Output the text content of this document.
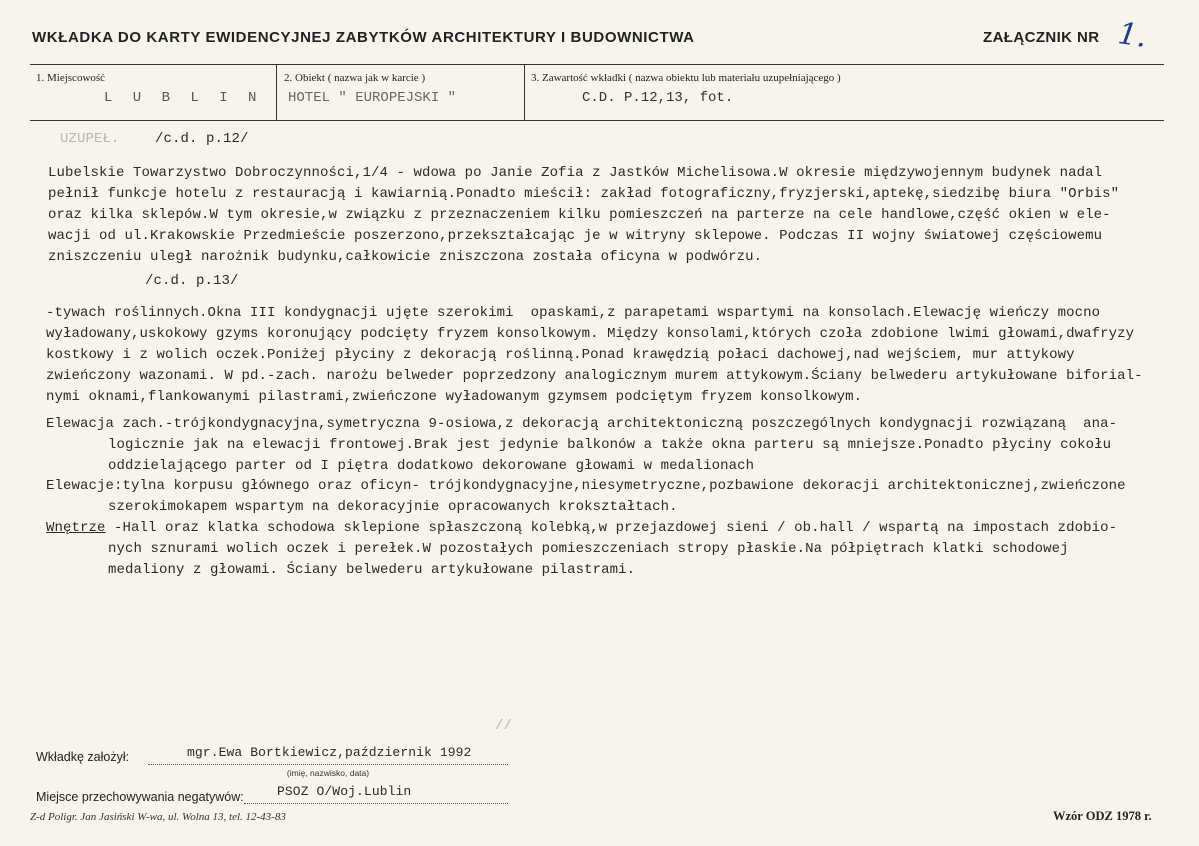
WKŁADKA DO KARTY EWIDENCYJNEJ ZABYTKÓW ARCHITEKTURY I BUDOWNICTWA	ZAŁĄCZNIK NR 1.
1. Miejscowość
L U B L I N
2. Obiekt ( nazwa jak w karcie )
HOTEL " EUROPEJSKI "
3. Zawartość wkładki ( nazwa obiektu lub materiału uzupełniającego )
C.D. P.12,13, fot.
UZUPEŁ.	/c.d. p.12/
Lubelskie Towarzystwo Dobroczynności,1/4 - wdowa po Janie Zofia z Jastków Michelisowa.W okresie międzywojennym budynek nadal
pełnił funkcje hotelu z restauracją i kawiarnią.Ponadto mieścił: zakład fotograficzny,fryzjerski,aptekę,siedzibę biura "Orbis"
oraz kilka sklepów.W tym okresie,w związku z przeznaczeniem kilku pomieszczeń na parterze na cele handlowe,część okien w ele-
wacji od ul.Krakowskie Przedmieście poszerzono,przekształcając je w witryny sklepowe. Podczas II wojny światowej częściowemu
zniszczeniu uległ narożnik budynku,całkowicie zniszczona została oficyna w podwórzu.
/c.d. p.13/
-tywach roślinnych.Okna III kondygnacji ujęte szerokimi  opaskami,z parapetami wspartymi na konsolach.Elewację wieńczy mocno
wyładowany,uskokowy gzyms koronujący podcięty fryzem konsolkowym. Między konsolami,których czoła zdobione lwimi głowami,dwafryzy
kostkowy i z wolich oczek.Poniżej płyciny z dekoracją roślinną.Ponad krawędzią połaci dachowej,nad wejściem, mur attykowy
zwieńczony wazonami. W pd.-zach. narożu belweder poprzedzony analogicznym murem attykowym.Ściany belwederu artykułowane biforial-
nymi oknami,flankowanymi pilastrami,zwieńczone wyładowanym gzymsem podciętym fryzem konsolkowym.
Elewacja zach.-trójkondygnacyjna,symetryczna 9-osiowa,z dekoracją architektoniczną poszczególnych kondygnacji rozwiązaną  ana-
logicznie jak na elewacji frontowej.Brak jest jedynie balkonów a także okna parteru są mniejsze.Ponadto płyciny cokołu
oddzielającego parter od I piętra dodatkowo dekorowane głowami w medalionach
Elewacje:tylna korpusu głównego oraz oficyn- trójkondygnacyjne,niesymetryczne,pozbawione dekoracji architektonicznej,zwieńczone
szerokimokapem wspartym na dekoracyjnie opracowanych krokształtach.
Wnętrze -Hall oraz klatka schodowa sklepione spłaszczoną kolebką,w przejazdowej sieni / ob.hall / wspartą na impostach zdobio-
nych sznurami wolich oczek i perełek.W pozostałych pomieszczeniach stropy płaskie.Na półpiętrach klatki schodowej
medaliony z głowami. Ściany belwederu artykułowane pilastrami.
//
Wkładkę założył:	mgr.Ewa Bortkiewicz,październik 1992
(imię, nazwisko, data)
Miejsce przechowywania negatywów:	PSOZ O/Woj.Lublin
Z-d Poligr. Jan Jasiński W-wa, ul. Wolna 13, tel. 12-43-83	Wzór ODZ 1978 r.
